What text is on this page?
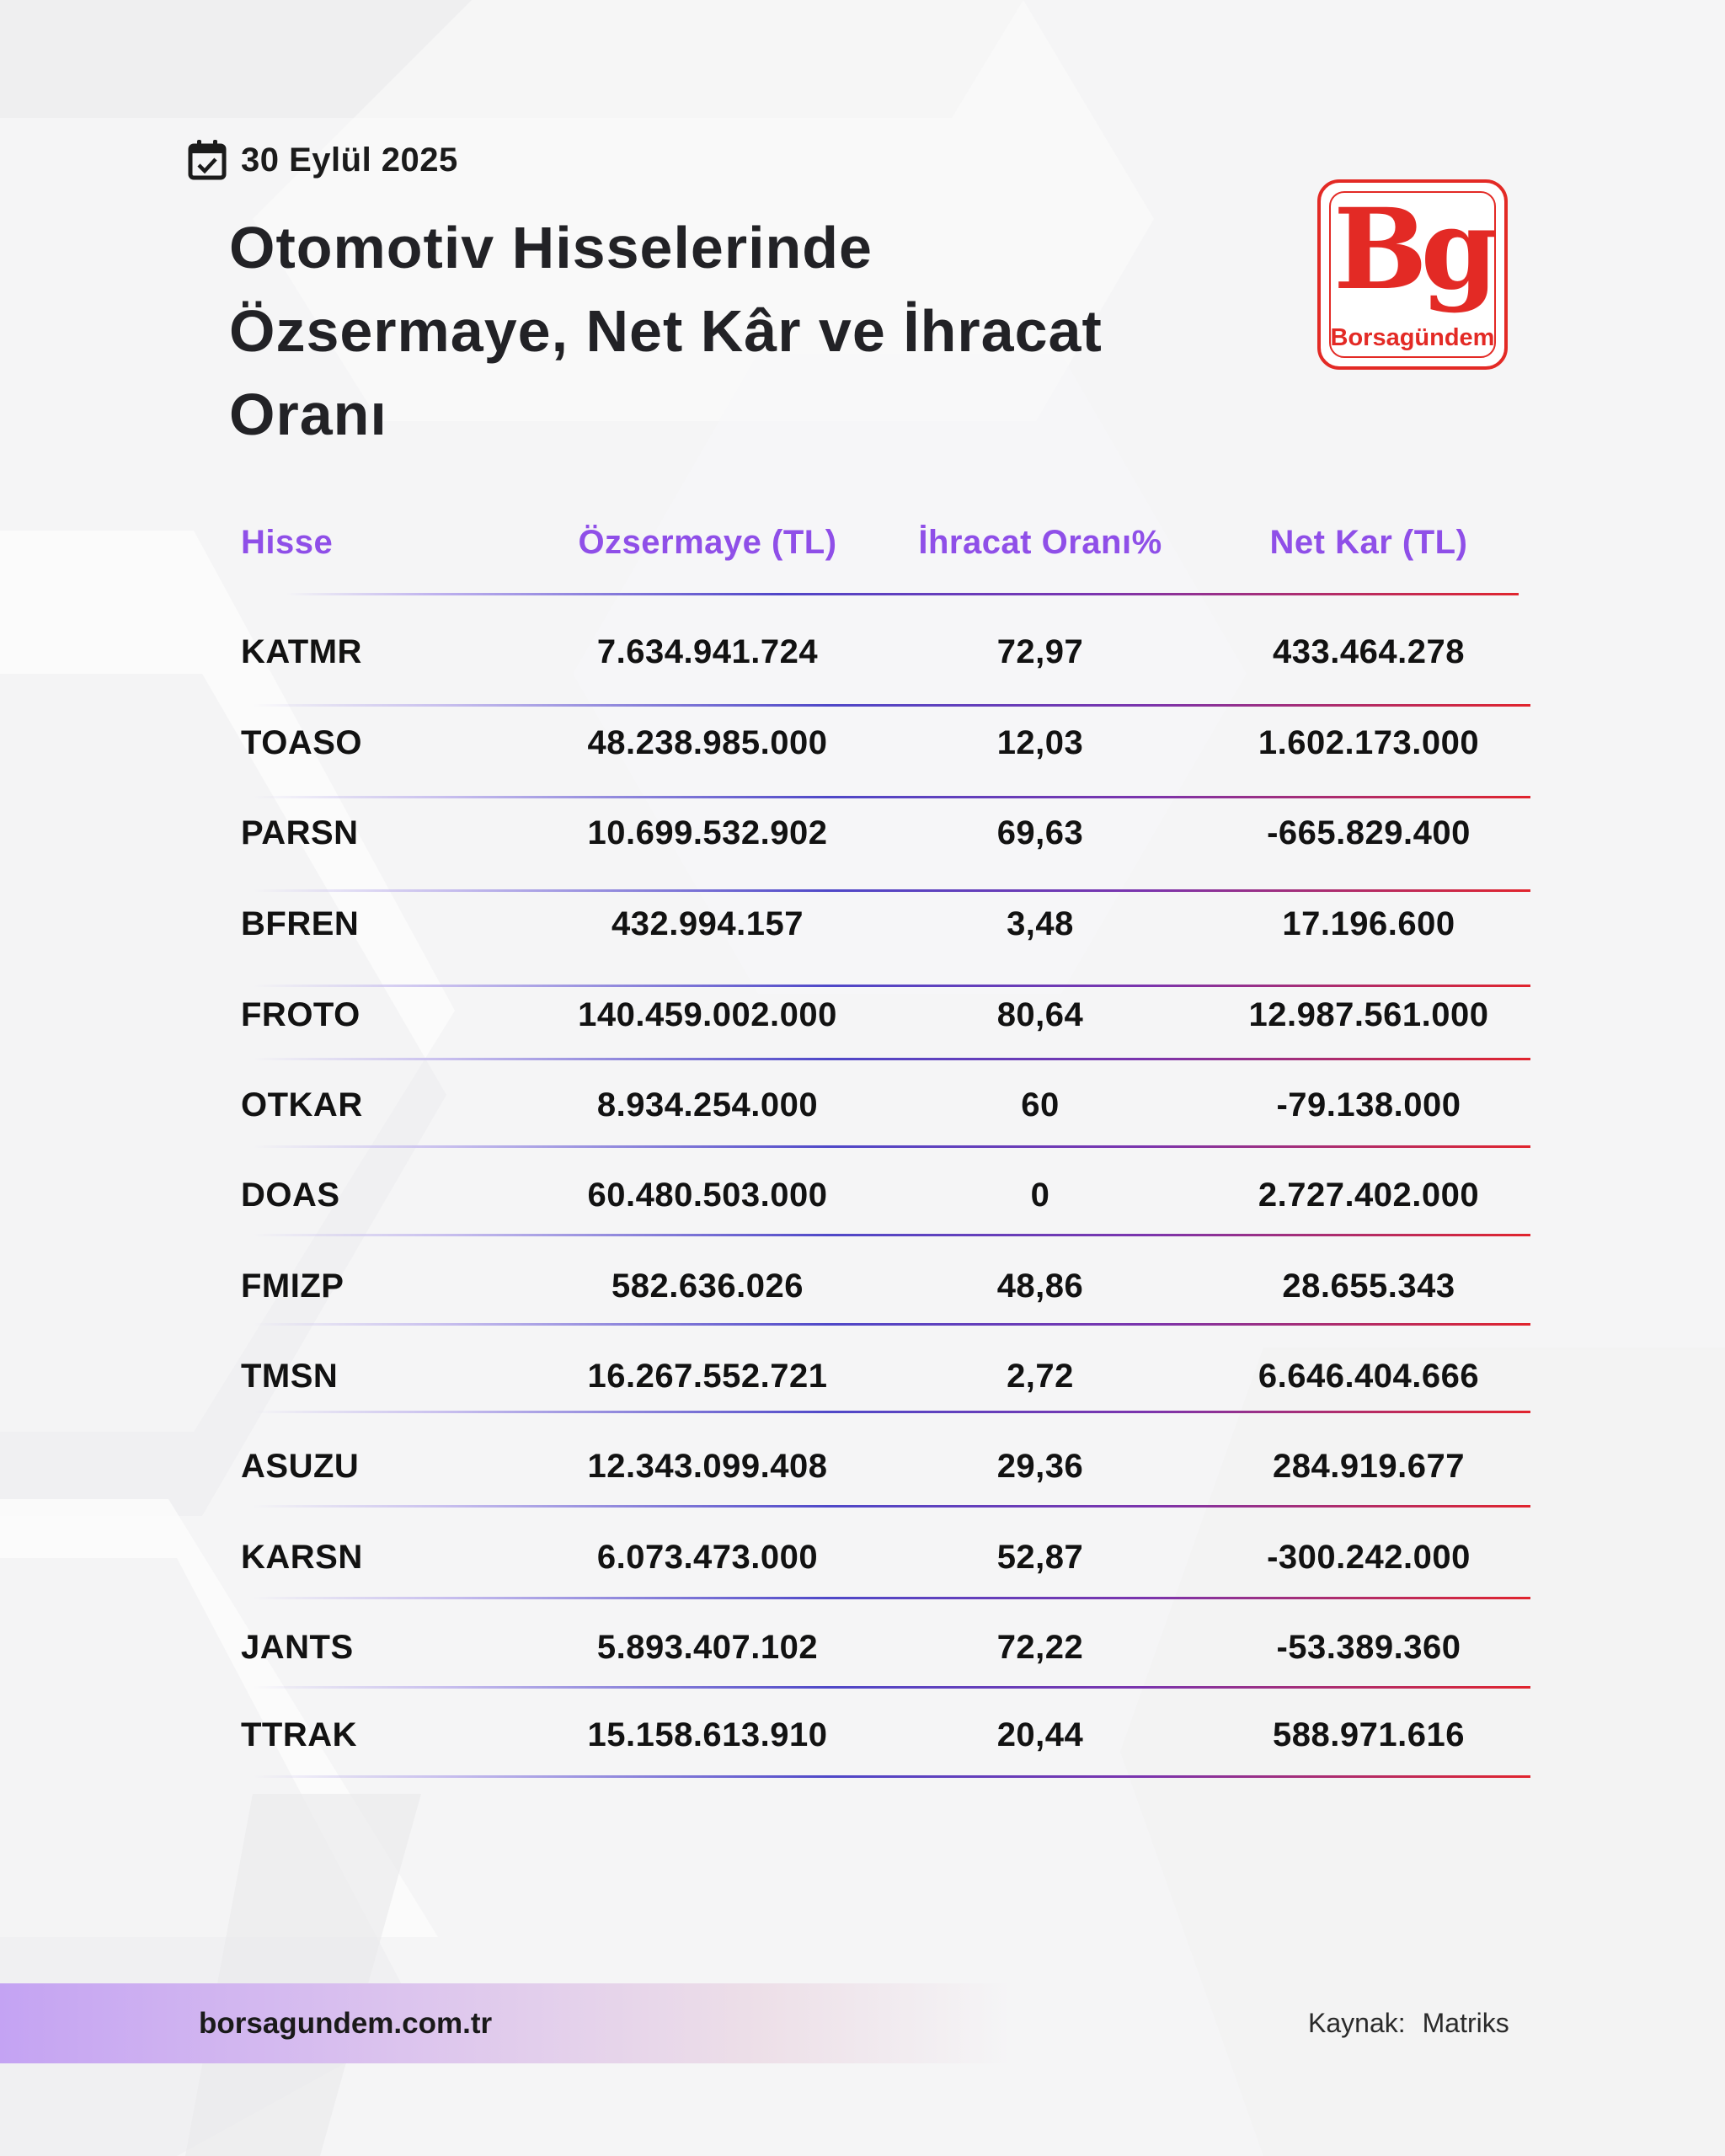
30 Eylül 2025
Otomotiv Hisselerinde
Özsermaye, Net Kâr ve İhracat
Oranı
Bg
Borsagündem
Hisse	Özsermaye (TL)	İhracat Oranı%	Net Kar (TL)
KATMR	7.634.941.724	72,97	433.464.278
TOASO	48.238.985.000	12,03	1.602.173.000
PARSN	10.699.532.902	69,63	-665.829.400
BFREN	432.994.157	3,48	17.196.600
FROTO	140.459.002.000	80,64	12.987.561.000
OTKAR	8.934.254.000	60	-79.138.000
DOAS	60.480.503.000	0	2.727.402.000
FMIZP	582.636.026	48,86	28.655.343
TMSN	16.267.552.721	2,72	6.646.404.666
ASUZU	12.343.099.408	29,36	284.919.677
KARSN	6.073.473.000	52,87	-300.242.000
JANTS	5.893.407.102	72,22	-53.389.360
TTRAK	15.158.613.910	20,44	588.971.616
borsagundem.com.tr	Kaynak: Matriks
